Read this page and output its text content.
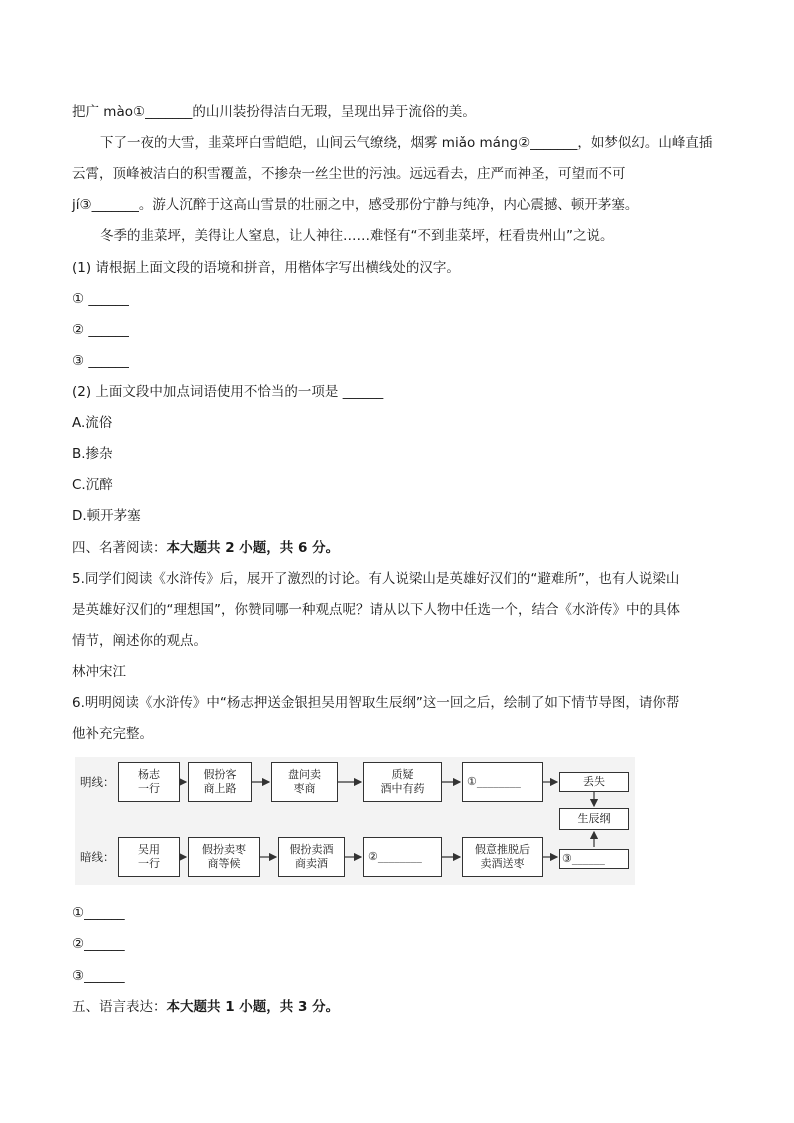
把广 mào①_______的山川装扮得洁白无瑕，呈现出异于流俗的美。
下了一夜的大雪，韭菜坪白雪皑皑，山间云气缭绕，烟雾 miǎo máng②_______，如梦似幻。山峰直插
云霄，顶峰被洁白的积雪覆盖，不掺杂一丝尘世的污浊。远远看去，庄严而神圣，可望而不可
jí③_______。游人沉醉于这高山雪景的壮丽之中，感受那份宁静与纯净，内心震撼、顿开茅塞。
冬季的韭菜坪，美得让人窒息，让人神往……难怪有“不到韭菜坪，枉看贵州山”之说。
(1) 请根据上面文段的语境和拼音，用楷体字写出横线处的汉字。
① ______
② ______
③ ______
(2) 上面文段中加点词语使用不恰当的一项是 ______
A.流俗
B.掺杂
C.沉醉
D.顿开茅塞
四、名著阅读：本大题共 2 小题，共 6 分。
5.同学们阅读《水浒传》后，展开了激烈的讨论。有人说梁山是英雄好汉们的“避难所”，也有人说梁山
是英雄好汉们的“理想国”，你赞同哪一种观点呢？请从以下人物中任选一个，结合《水浒传》中的具体
情节，阐述你的观点。
林冲宋江
6.明明阅读《水浒传》中“杨志押送金银担吴用智取生辰纲”这一回之后，绘制了如下情节导图，请你帮
他补充完整。
明线：
杨志
一行
假扮客
商上路
盘问卖
枣商
质疑
酒中有药
①________	丢失
生辰纲
暗线：
吴用
一行
假扮卖枣
商等候
假扮卖酒
商卖酒
②________
假意推脱后
卖酒送枣	③______
①______
②______
③______
五、语言表达：本大题共 1 小题，共 3 分。
